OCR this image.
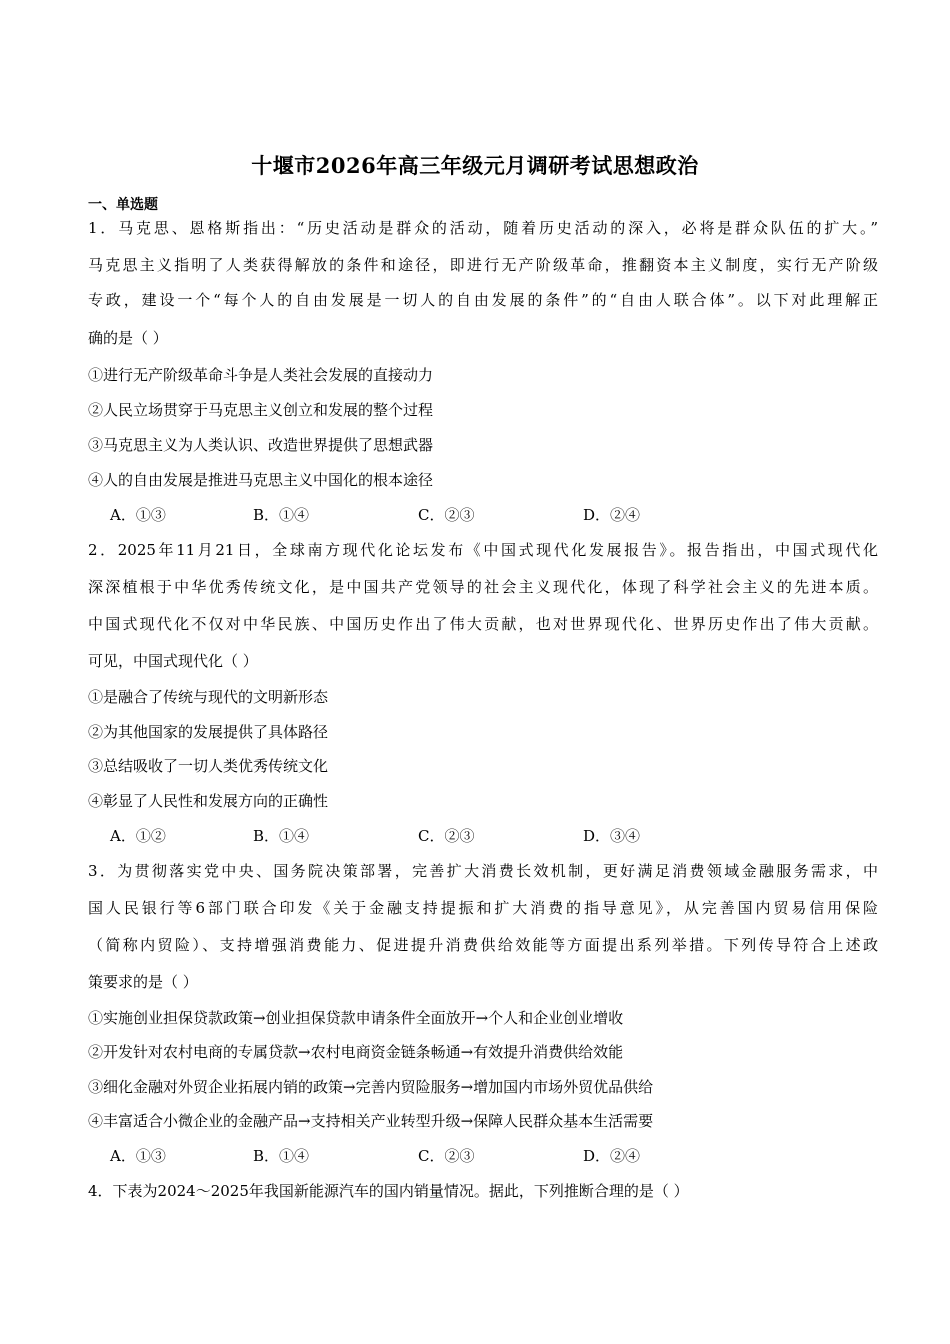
十堰市2026年高三年级元月调研考试思想政治
一、单选题
1．马克思、恩格斯指出：“历史活动是群众的活动，随着历史活动的深入，必将是群众队伍的扩大。”
马克思主义指明了人类获得解放的条件和途径，即进行无产阶级革命，推翻资本主义制度，实行无产阶级
专政，建设一个“每个人的自由发展是一切人的自由发展的条件”的“自由人联合体”。以下对此理解正
确的是（ ）
①进行无产阶级革命斗争是人类社会发展的直接动力
②人民立场贯穿于马克思主义创立和发展的整个过程
③马克思主义为人类认识、改造世界提供了思想武器
④人的自由发展是推进马克思主义中国化的根本途径
A．①③	B．①④	C．②③	D．②④
2．2025年11月21日，全球南方现代化论坛发布《中国式现代化发展报告》。报告指出，中国式现代化
深深植根于中华优秀传统文化，是中国共产党领导的社会主义现代化，体现了科学社会主义的先进本质。
中国式现代化不仅对中华民族、中国历史作出了伟大贡献，也对世界现代化、世界历史作出了伟大贡献。
可见，中国式现代化（ ）
①是融合了传统与现代的文明新形态
②为其他国家的发展提供了具体路径
③总结吸收了一切人类优秀传统文化
④彰显了人民性和发展方向的正确性
A．①②	B．①④	C．②③	D．③④
3．为贯彻落实党中央、国务院决策部署，完善扩大消费长效机制，更好满足消费领域金融服务需求，中
国人民银行等6部门联合印发《关于金融支持提振和扩大消费的指导意见》，从完善国内贸易信用保险
（简称内贸险）、支持增强消费能力、促进提升消费供给效能等方面提出系列举措。下列传导符合上述政
策要求的是（ ）
①实施创业担保贷款政策→创业担保贷款申请条件全面放开→个人和企业创业增收
②开发针对农村电商的专属贷款→农村电商资金链条畅通→有效提升消费供给效能
③细化金融对外贸企业拓展内销的政策→完善内贸险服务→增加国内市场外贸优品供给
④丰富适合小微企业的金融产品→支持相关产业转型升级→保障人民群众基本生活需要
A．①③	B．①④	C．②③	D．②④
4．下表为2024～2025年我国新能源汽车的国内销量情况。据此，下列推断合理的是（ ）
